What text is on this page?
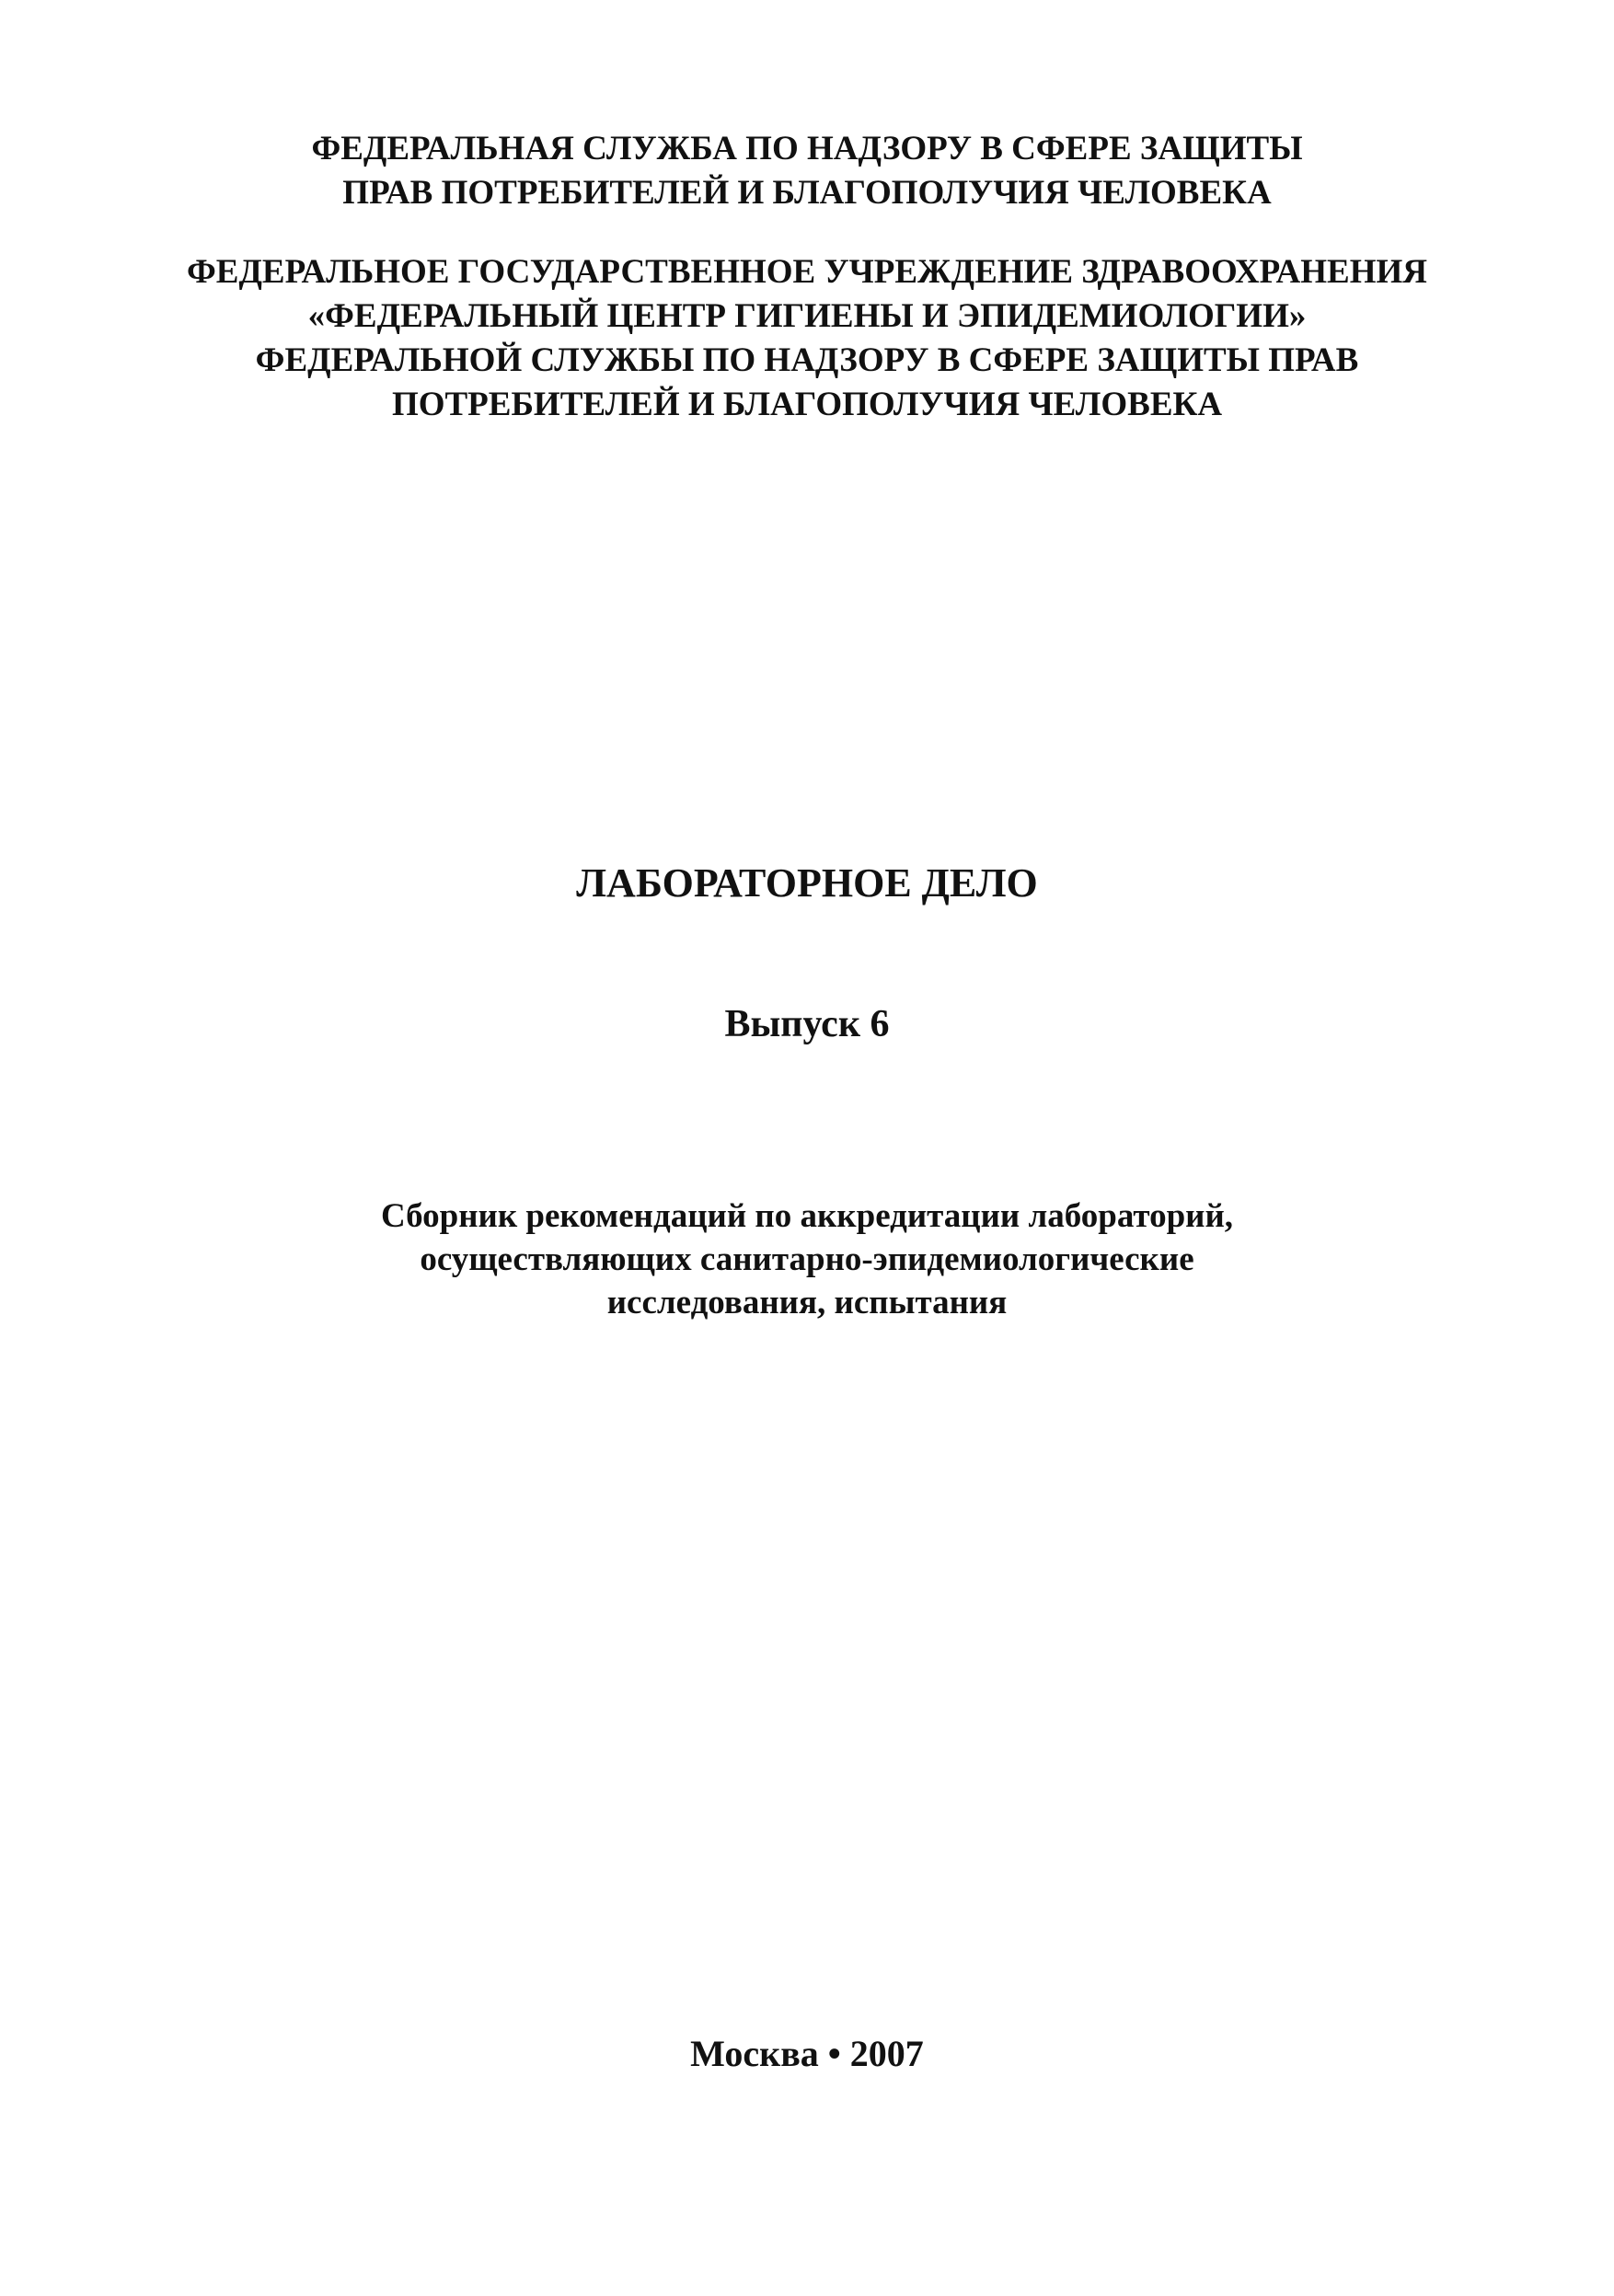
ФЕДЕРАЛЬНАЯ СЛУЖБА ПО НАДЗОРУ В СФЕРЕ ЗАЩИТЫ
ПРАВ ПОТРЕБИТЕЛЕЙ И БЛАГОПОЛУЧИЯ ЧЕЛОВЕКА
ФЕДЕРАЛЬНОЕ ГОСУДАРСТВЕННОЕ УЧРЕЖДЕНИЕ ЗДРАВООХРАНЕНИЯ
«ФЕДЕРАЛЬНЫЙ ЦЕНТР ГИГИЕНЫ И ЭПИДЕМИОЛОГИИ»
ФЕДЕРАЛЬНОЙ СЛУЖБЫ ПО НАДЗОРУ В СФЕРЕ ЗАЩИТЫ ПРАВ
ПОТРЕБИТЕЛЕЙ И БЛАГОПОЛУЧИЯ ЧЕЛОВЕКА
ЛАБОРАТОРНОЕ ДЕЛО
Выпуск 6
Сборник рекомендаций по аккредитации лабораторий,
осуществляющих санитарно-эпидемиологические
исследования, испытания
Москва • 2007
